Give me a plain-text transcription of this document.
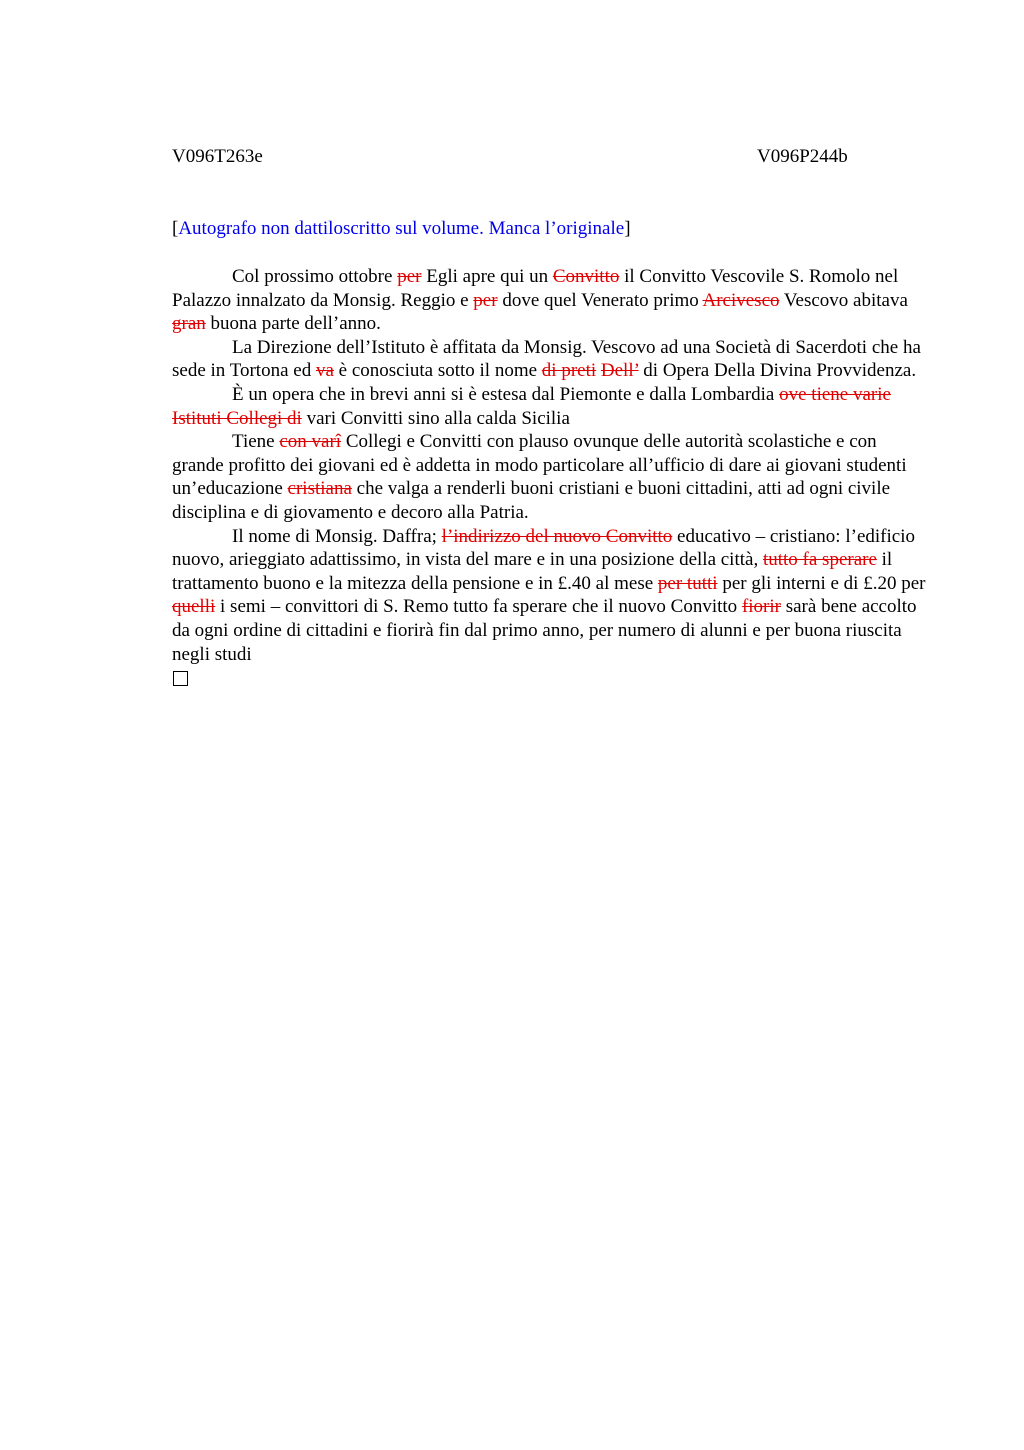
V096T263e	V096P244b
[Autografo non dattiloscritto sul volume. Manca l’originale]

Col prossimo ottobre per Egli apre qui un Convitto il Convitto Vescovile S. Romolo nel Palazzo innalzato da Monsig. Reggio e per dove quel Venerato primo Arcivesco Vescovo abitava gran buona parte dell’anno.

La Direzione dell’Istituto è affitata da Monsig. Vescovo ad una Società di Sacerdoti che ha sede in Tortona ed va è conosciuta sotto il nome di preti Dell’ di Opera Della Divina Provvidenza.

È un opera che in brevi anni si è estesa dal Piemonte e dalla Lombardia ove tiene varie Istituti Collegi di vari Convitti sino alla calda Sicilia

Tiene con varî Collegi e Convitti con plauso ovunque delle autorità scolastiche e con grande profitto dei giovani ed è addetta in modo particolare all’ufficio di dare ai giovani studenti un’educazione cristiana che valga a renderli buoni cristiani e buoni cittadini, atti ad ogni civile disciplina e di giovamento e decoro alla Patria.

Il nome di Monsig. Daffra; l’indirizzo del nuovo Convitto educativo – cristiano: l’edificio nuovo, arieggiato adattissimo, in vista del mare e in una posizione della città, tutto fa sperare il trattamento buono e la mitezza della pensione e in £.40 al mese per tutti per gli interni e di £.20 per quelli i semi – convittori di S. Remo tutto fa sperare che il nuovo Convitto fiorir sarà bene accolto da ogni ordine di cittadini e fiorirà fin dal primo anno, per numero di alunni e per buona riuscita negli studi
